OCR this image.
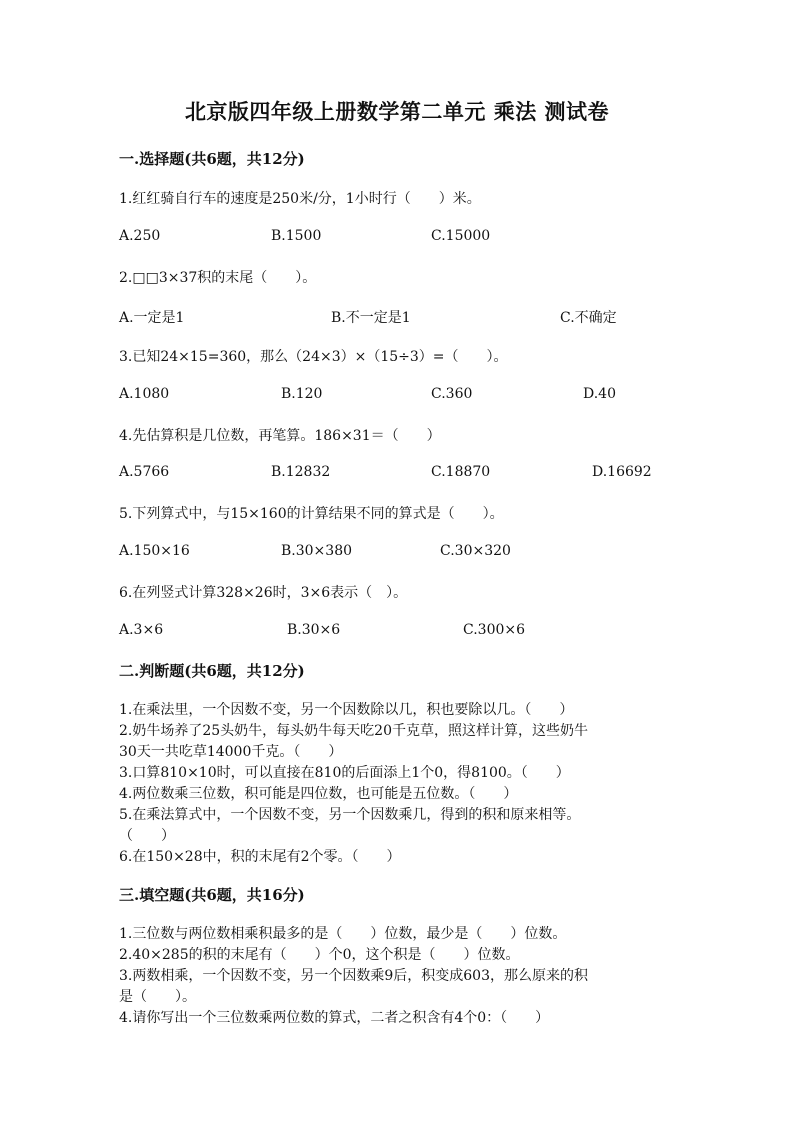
北京版四年级上册数学第二单元 乘法 测试卷
一.选择题(共6题，共12分)
1.红红骑自行车的速度是250米/分，1小时行（　　）米。
A.250	B.1500	C.15000
2.□□3×37积的末尾（　　）。
A.一定是1	B.不一定是1	C.不确定
3.已知24×15=360，那么（24×3）×（15÷3）=（　　）。
A.1080	B.120	C.360	D.40
4.先估算积是几位数，再笔算。186×31＝（　　）
A.5766	B.12832	C.18870	D.16692
5.下列算式中，与15×160的计算结果不同的算式是（　　）。
A.150×16	B.30×380	C.30×320
6.在列竖式计算328×26时，3×6表示（　）。
A.3×6	B.30×6	C.300×6
二.判断题(共6题，共12分)
1.在乘法里，一个因数不变，另一个因数除以几，积也要除以几。（　　）
2.奶牛场养了25头奶牛，每头奶牛每天吃20千克草，照这样计算，这些奶牛
30天一共吃草14000千克。（　　）
3.口算810×10时，可以直接在810的后面添上1个0，得8100。（　　）
4.两位数乘三位数，积可能是四位数，也可能是五位数。（　　）
5.在乘法算式中，一个因数不变，另一个因数乘几，得到的积和原来相等。
（　　）
6.在150×28中，积的末尾有2个零。（　　）
三.填空题(共6题，共16分)
1.三位数与两位数相乘积最多的是（　　）位数，最少是（　　）位数。
2.40×285的积的末尾有（　　）个0，这个积是（　　）位数。
3.两数相乘，一个因数不变，另一个因数乘9后，积变成603，那么原来的积
是（　　）。
4.请你写出一个三位数乘两位数的算式，二者之积含有4个0：（　　）
